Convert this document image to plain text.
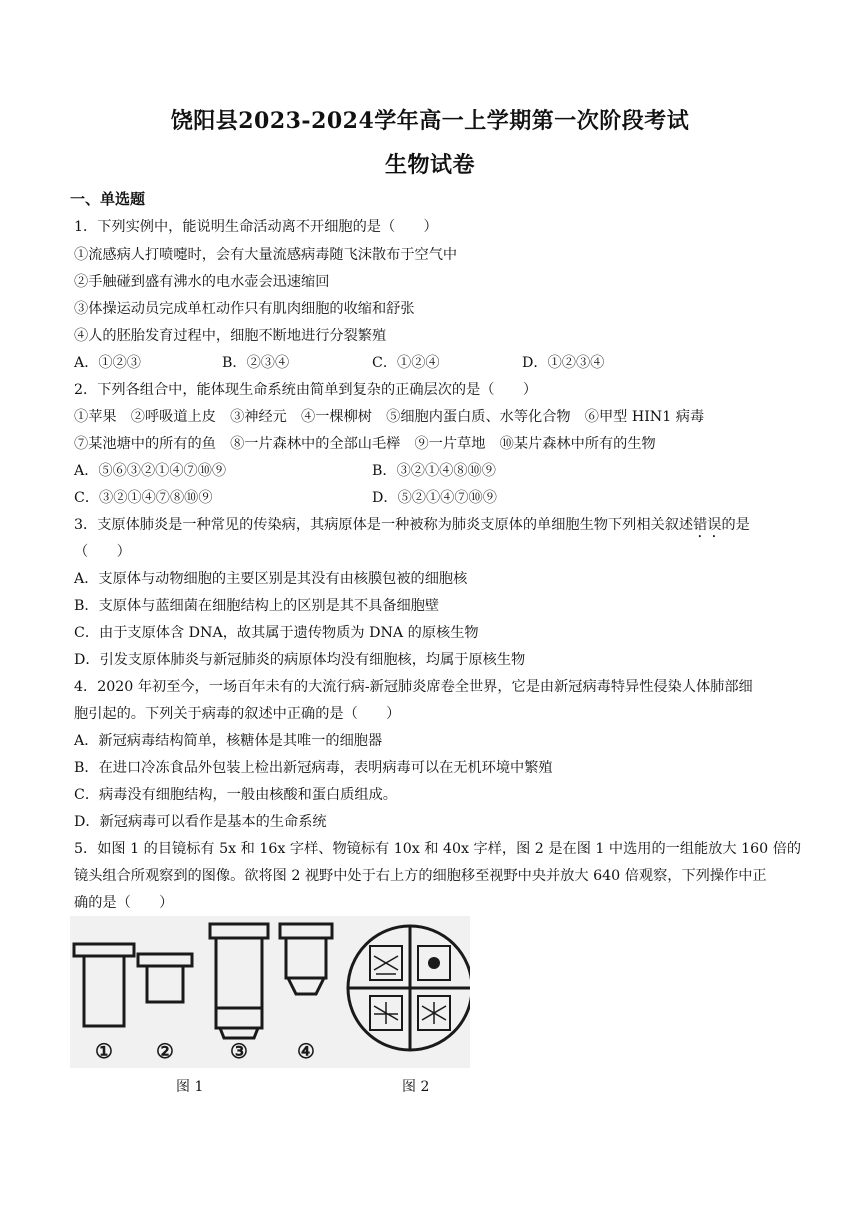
饶阳县2023-2024学年高一上学期第一次阶段考试
生物试卷
一、单选题
1．下列实例中，能说明生命活动离不开细胞的是（　　）
①流感病人打喷嚏时，会有大量流感病毒随飞沫散布于空气中
②手触碰到盛有沸水的电水壶会迅速缩回
③体操运动员完成单杠动作只有肌肉细胞的收缩和舒张
④人的胚胎发育过程中，细胞不断地进行分裂繁殖
A．①②③	B．②③④	C．①②④	D．①②③④
2．下列各组合中，能体现生命系统由简单到复杂的正确层次的是（　　）
①苹果　②呼吸道上皮　③神经元　④一棵柳树　⑤细胞内蛋白质、水等化合物　⑥甲型 HIN1 病毒
⑦某池塘中的所有的鱼　⑧一片森林中的全部山毛榉　⑨一片草地　⑩某片森林中所有的生物
A．⑤⑥③②①④⑦⑩⑨	B．③②①④⑧⑩⑨
C．③②①④⑦⑧⑩⑨	D．⑤②①④⑦⑩⑨
3．支原体肺炎是一种常见的传染病，其病原体是一种被称为肺炎支原体的单细胞生物下列相关叙述错误的是
（　　）
A．支原体与动物细胞的主要区别是其没有由核膜包被的细胞核
B．支原体与蓝细菌在细胞结构上的区别是其不具备细胞壁
C．由于支原体含 DNA，故其属于遗传物质为 DNA 的原核生物
D．引发支原体肺炎与新冠肺炎的病原体均没有细胞核，均属于原核生物
4．2020 年初至今，一场百年未有的大流行病-新冠肺炎席卷全世界，它是由新冠病毒特异性侵染人体肺部细
胞引起的。下列关于病毒的叙述中正确的是（　　）
A．新冠病毒结构简单，核糖体是其唯一的细胞器
B．在进口冷冻食品外包装上检出新冠病毒，表明病毒可以在无机环境中繁殖
C．病毒没有细胞结构，一般由核酸和蛋白质组成。
D．新冠病毒可以看作是基本的生命系统
5．如图 1 的目镜标有 5x 和 16x 字样、物镜标有 10x 和 40x 字样，图 2 是在图 1 中选用的一组能放大 160 倍的
镜头组合所观察到的图像。欲将图 2 视野中处于右上方的细胞移至视野中央并放大 640 倍观察，下列操作中正
确的是（　　）
① ②	③ ④
图 1	图 2
